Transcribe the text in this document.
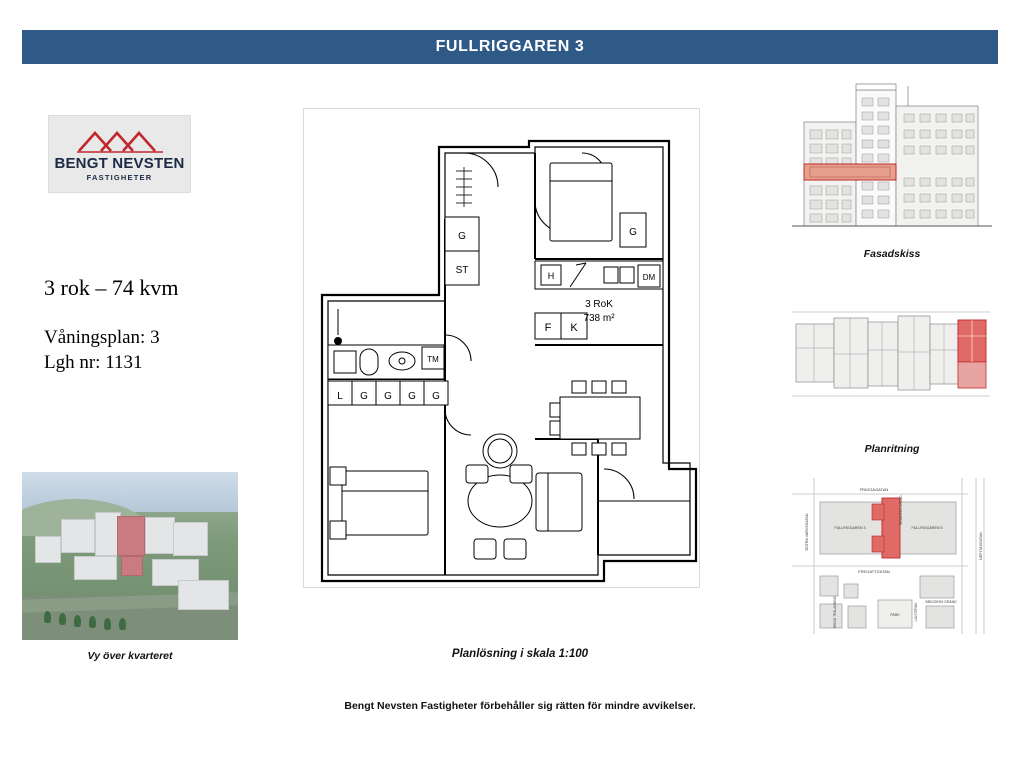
FULLRIGGAREN 3
BENGT NEVSTEN
FASTIGHETER
3 rok – 74 kvm
Våningsplan: 3
Lgh nr: 1131
Vy över kvarteret
G
ST
G
H	DM
F K
3 RoK
738 m²
TM
L G G G G
Planlösning i skala 1:100
Bengt Nevsten Fastigheter förbehåller sig rätten för mindre avvikelser.
Fasadskiss
Planritning
FRIGGAGATAN
FREGATTGATAN
FULLRIGGAREN 3	FULLRIGGAREN 5
PARK
BRIGGENS GRÄND
ÖSTRA VARVSGATAN	NEPTUNIGATAN
BRIGG TRÄLAMNING	LJUSTERNA
BRIGGENS GRÄND
